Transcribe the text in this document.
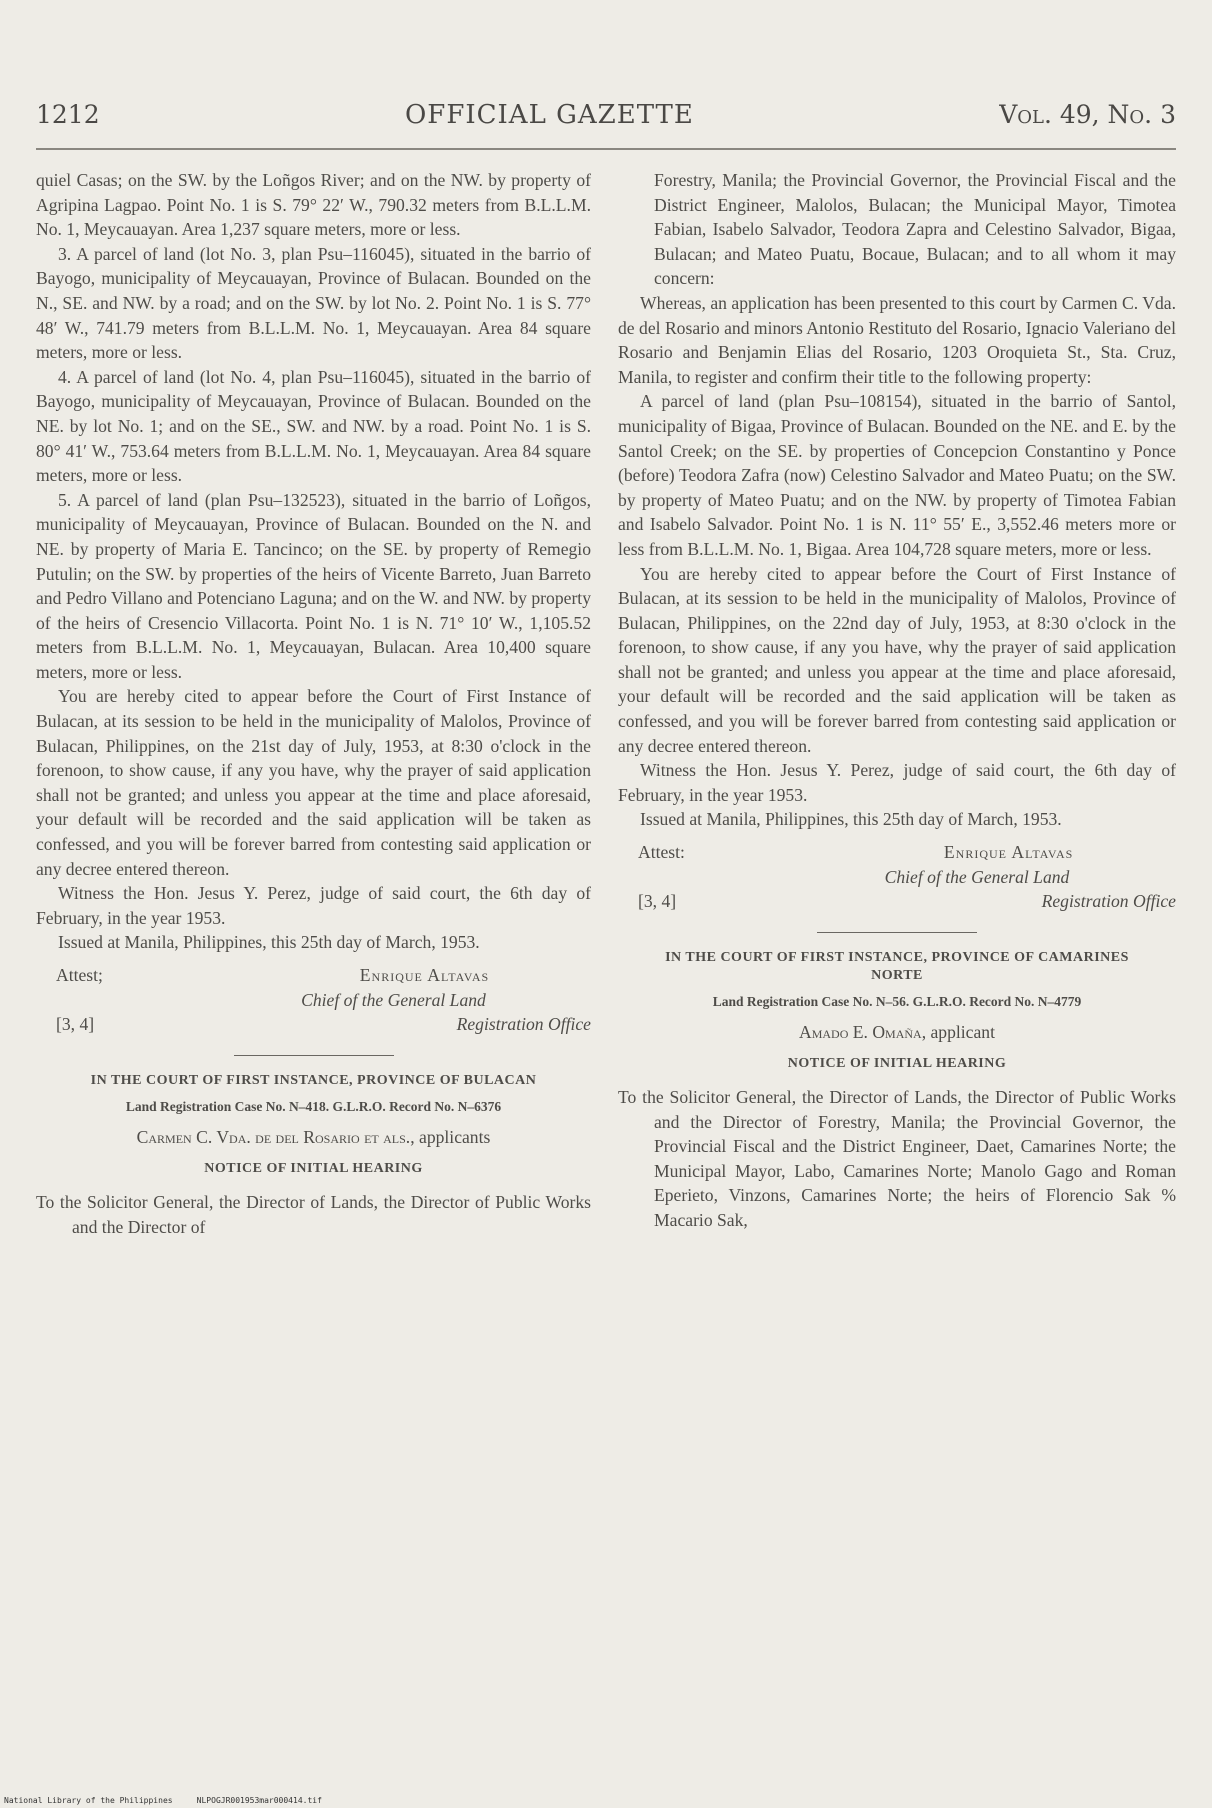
1212	OFFICIAL GAZETTE	Vol. 49, No. 3

quiel Casas; on the SW. by the Loñgos River; and on the NW. by property of Agripina Lagpao. Point No. 1 is S. 79° 22′ W., 790.32 meters from B.L.L.M. No. 1, Meycauayan. Area 1,237 square meters, more or less.

3. A parcel of land (lot No. 3, plan Psu–116045), situated in the barrio of Bayogo, municipality of Meycauayan, Province of Bulacan. Bounded on the N., SE. and NW. by a road; and on the SW. by lot No. 2. Point No. 1 is S. 77° 48′ W., 741.79 meters from B.L.L.M. No. 1, Meycauayan. Area 84 square meters, more or less.

4. A parcel of land (lot No. 4, plan Psu–116045), situated in the barrio of Bayogo, municipality of Meycauayan, Province of Bulacan. Bounded on the NE. by lot No. 1; and on the SE., SW. and NW. by a road. Point No. 1 is S. 80° 41′ W., 753.64 meters from B.L.L.M. No. 1, Meycauayan. Area 84 square meters, more or less.

5. A parcel of land (plan Psu–132523), situated in the barrio of Loñgos, municipality of Meycauayan, Province of Bulacan. Bounded on the N. and NE. by property of Maria E. Tancinco; on the SE. by property of Remegio Putulin; on the SW. by properties of the heirs of Vicente Barreto, Juan Barreto and Pedro Villano and Potenciano Laguna; and on the W. and NW. by property of the heirs of Cresencio Villacorta. Point No. 1 is N. 71° 10′ W., 1,105.52 meters from B.L.L.M. No. 1, Meycauayan, Bulacan. Area 10,400 square meters, more or less.

You are hereby cited to appear before the Court of First Instance of Bulacan, at its session to be held in the municipality of Malolos, Province of Bulacan, Philippines, on the 21st day of July, 1953, at 8:30 o'clock in the forenoon, to show cause, if any you have, why the prayer of said application shall not be granted; and unless you appear at the time and place aforesaid, your default will be recorded and the said application will be taken as confessed, and you will be forever barred from contesting said application or any decree entered thereon.

Witness the Hon. Jesus Y. Perez, judge of said court, the 6th day of February, in the year 1953.

Issued at Manila, Philippines, this 25th day of March, 1953.

Attest;	Enrique Altavas
Chief of the General Land
[3, 4]	Registration Office
IN THE COURT OF FIRST INSTANCE, PROVINCE OF BULACAN
Land Registration Case No. N–418. G.L.R.O. Record No. N–6376
Carmen C. Vda. de del Rosario et als., applicants
NOTICE OF INITIAL HEARING

To the Solicitor General, the Director of Lands, the Director of Public Works and the Director of

Forestry, Manila; the Provincial Governor, the Provincial Fiscal and the District Engineer, Malolos, Bulacan; the Municipal Mayor, Timotea Fabian, Isabelo Salvador, Teodora Zapra and Celestino Salvador, Bigaa, Bulacan; and Mateo Puatu, Bocaue, Bulacan; and to all whom it may concern:

Whereas, an application has been presented to this court by Carmen C. Vda. de del Rosario and minors Antonio Restituto del Rosario, Ignacio Valeriano del Rosario and Benjamin Elias del Rosario, 1203 Oroquieta St., Sta. Cruz, Manila, to register and confirm their title to the following property:

A parcel of land (plan Psu–108154), situated in the barrio of Santol, municipality of Bigaa, Province of Bulacan. Bounded on the NE. and E. by the Santol Creek; on the SE. by properties of Concepcion Constantino y Ponce (before) Teodora Zafra (now) Celestino Salvador and Mateo Puatu; on the SW. by property of Mateo Puatu; and on the NW. by property of Timotea Fabian and Isabelo Salvador. Point No. 1 is N. 11° 55′ E., 3,552.46 meters more or less from B.L.L.M. No. 1, Bigaa. Area 104,728 square meters, more or less.

You are hereby cited to appear before the Court of First Instance of Bulacan, at its session to be held in the municipality of Malolos, Province of Bulacan, Philippines, on the 22nd day of July, 1953, at 8:30 o'clock in the forenoon, to show cause, if any you have, why the prayer of said application shall not be granted; and unless you appear at the time and place aforesaid, your default will be recorded and the said application will be taken as confessed, and you will be forever barred from contesting said application or any decree entered thereon.

Witness the Hon. Jesus Y. Perez, judge of said court, the 6th day of February, in the year 1953.

Issued at Manila, Philippines, this 25th day of March, 1953.

Attest:	Enrique Altavas
Chief of the General Land
[3, 4]	Registration Office
IN THE COURT OF FIRST INSTANCE, PROVINCE OF CAMARINES NORTE
Land Registration Case No. N–56. G.L.R.O. Record No. N–4779
Amado E. Omaña, applicant
NOTICE OF INITIAL HEARING

To the Solicitor General, the Director of Lands, the Director of Public Works and the Director of Forestry, Manila; the Provincial Governor, the Provincial Fiscal and the District Engineer, Daet, Camarines Norte; the Municipal Mayor, Labo, Camarines Norte; Manolo Gago and Roman Eperieto, Vinzons, Camarines Norte; the heirs of Florencio Sak % Macario Sak,

National Library of the Philippines	NLPOGJR001953mar000414.tif
